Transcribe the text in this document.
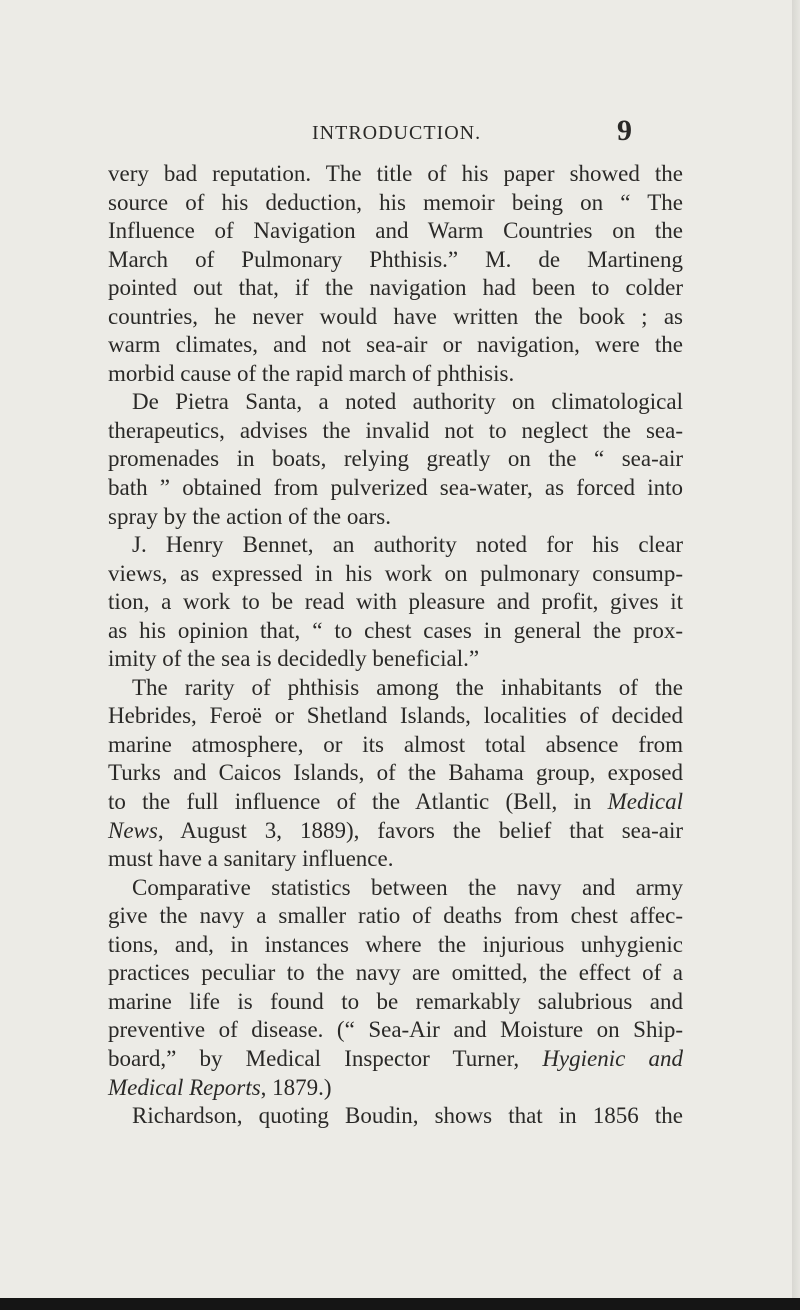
INTRODUCTION.	9
very bad reputation. The title of his paper showed the
source of his deduction, his memoir being on “ The
Influence of Navigation and Warm Countries on the
March of Pulmonary Phthisis.” M. de Martineng
pointed out that, if the navigation had been to colder
countries, he never would have written the book ; as
warm climates, and not sea-air or navigation, were the
morbid cause of the rapid march of phthisis.
De Pietra Santa, a noted authority on climatological
therapeutics, advises the invalid not to neglect the sea-
promenades in boats, relying greatly on the “ sea-air
bath ” obtained from pulverized sea-water, as forced into
spray by the action of the oars.
J. Henry Bennet, an authority noted for his clear
views, as expressed in his work on pulmonary consump-
tion, a work to be read with pleasure and profit, gives it
as his opinion that, “ to chest cases in general the prox-
imity of the sea is decidedly beneficial.”
The rarity of phthisis among the inhabitants of the
Hebrides, Feroë or Shetland Islands, localities of decided
marine atmosphere, or its almost total absence from
Turks and Caicos Islands, of the Bahama group, exposed
to the full influence of the Atlantic (Bell, in Medical
News, August 3, 1889), favors the belief that sea-air
must have a sanitary influence.
Comparative statistics between the navy and army
give the navy a smaller ratio of deaths from chest affec-
tions, and, in instances where the injurious unhygienic
practices peculiar to the navy are omitted, the effect of a
marine life is found to be remarkably salubrious and
preventive of disease. (“ Sea-Air and Moisture on Ship-
board,” by Medical Inspector Turner, Hygienic and
Medical Reports, 1879.)
Richardson, quoting Boudin, shows that in 1856 the
